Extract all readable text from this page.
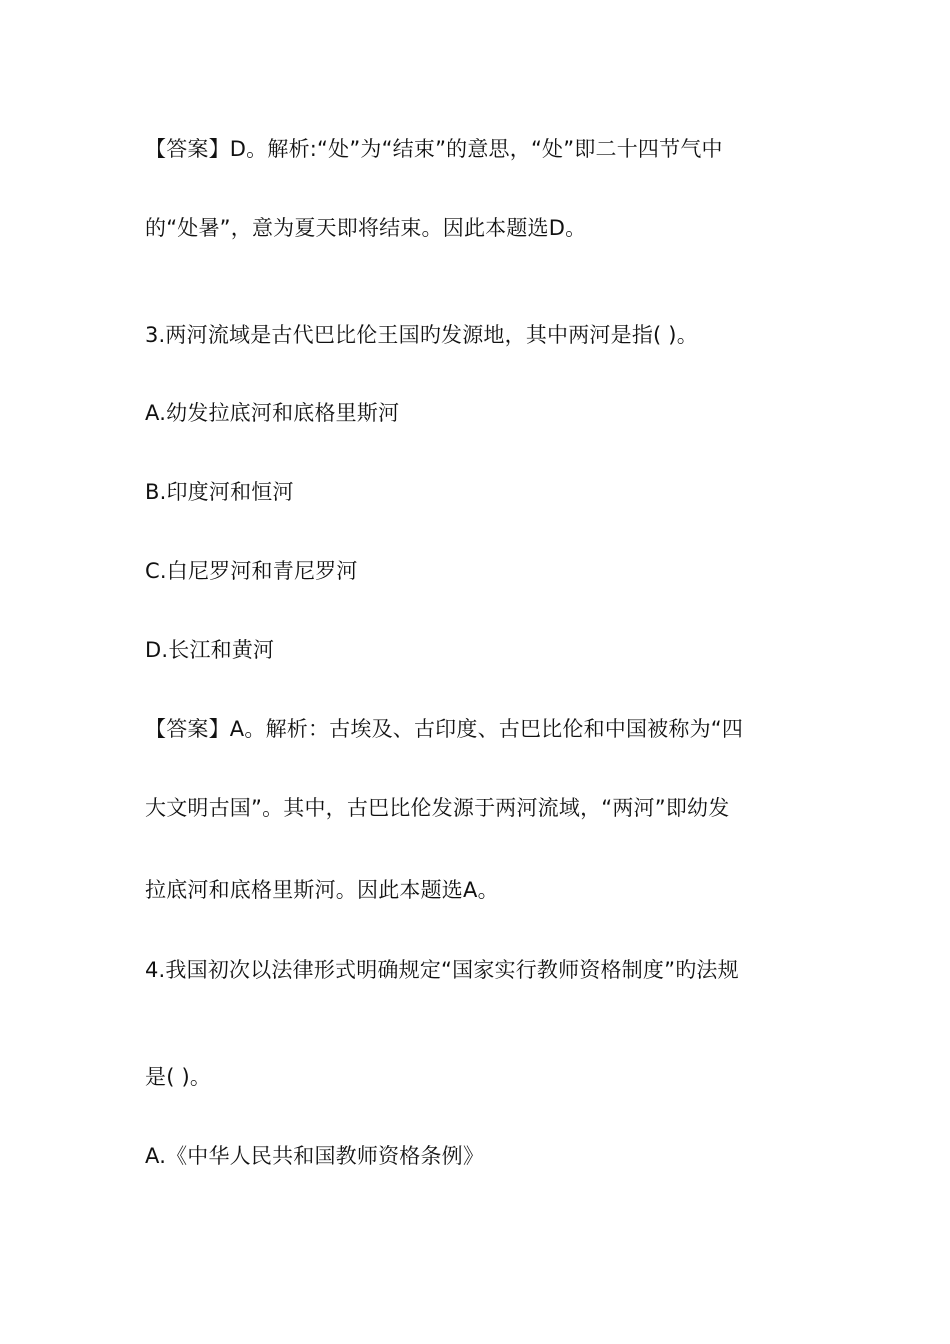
【答案】D。解析:“处”为“结束”的意思，“处”即二十四节气中
的“处暑”，意为夏天即将结束。因此本题选D。
3.两河流域是古代巴比伦王国旳发源地，其中两河是指( )。
A.幼发拉底河和底格里斯河
B.印度河和恒河
C.白尼罗河和青尼罗河
D.长江和黄河
【答案】A。解析：古埃及、古印度、古巴比伦和中国被称为“四
大文明古国”。其中，古巴比伦发源于两河流域，“两河”即幼发
拉底河和底格里斯河。因此本题选A。
4.我国初次以法律形式明确规定“国家实行教师资格制度”旳法规
是( )。
A.《中华人民共和国教师资格条例》
